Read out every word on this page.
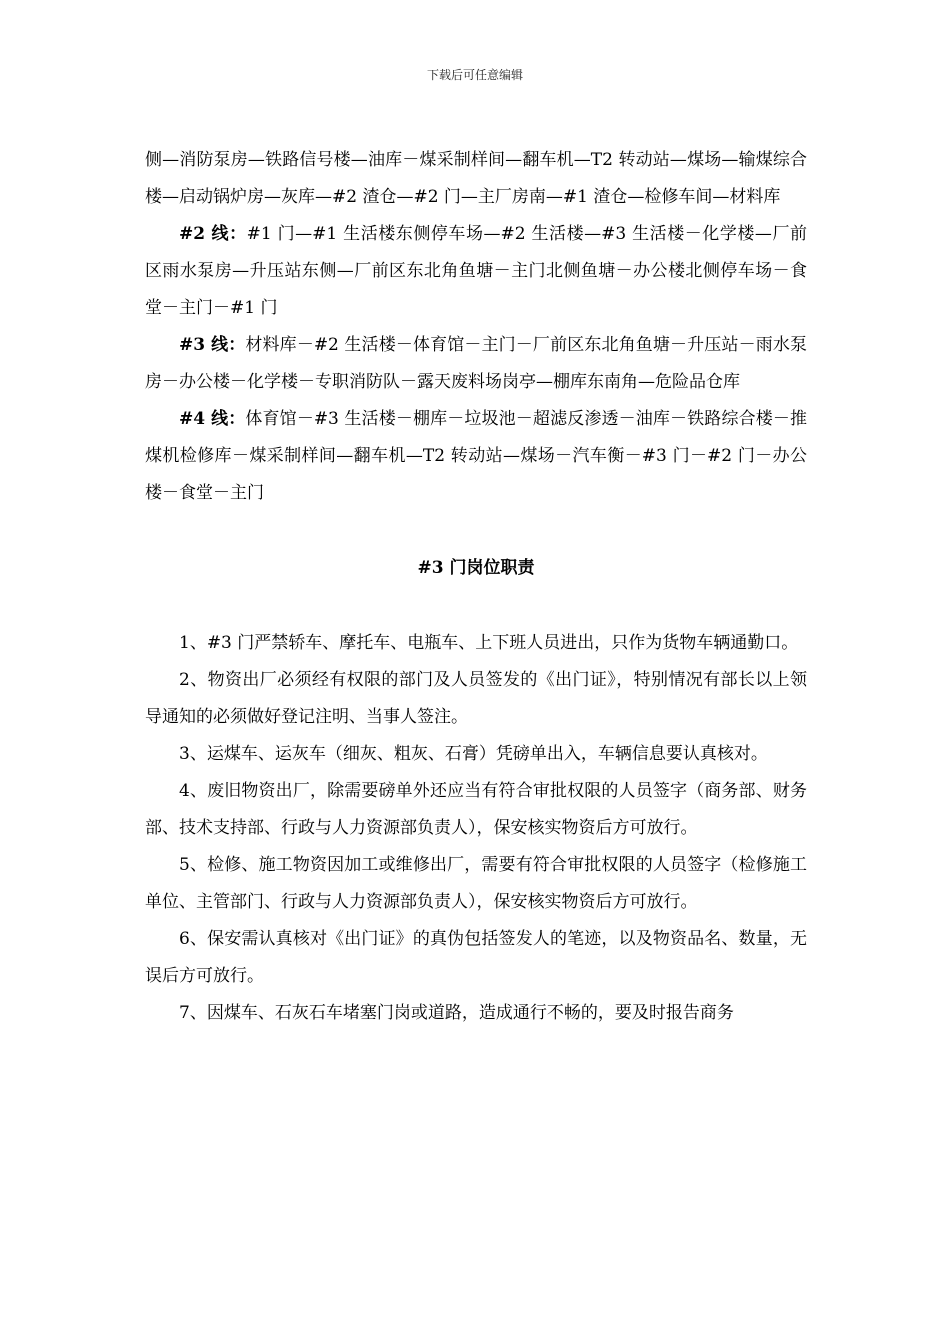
下载后可任意编辑

侧—消防泵房—铁路信号楼—油库－煤采制样间—翻车机—T2 转动站—煤场—输煤综合楼—启动锅炉房—灰库—#2 渣仓—#2 门—主厂房南—#1 渣仓—检修车间—材料库

#2 线：#1 门—#1 生活楼东侧停车场—#2 生活楼—#3 生活楼－化学楼—厂前区雨水泵房—升压站东侧—厂前区东北角鱼塘－主门北侧鱼塘－办公楼北侧停车场－食堂－主门－#1 门

#3 线：材料库－#2 生活楼－体育馆－主门－厂前区东北角鱼塘－升压站－雨水泵房－办公楼－化学楼－专职消防队－露天废料场岗亭—棚库东南角—危险品仓库

#4 线：体育馆－#3 生活楼－棚库－垃圾池－超滤反渗透－油库－铁路综合楼－推煤机检修库－煤采制样间—翻车机—T2 转动站—煤场－汽车衡－#3 门－#2 门－办公楼－食堂－主门

#3 门岗位职责

1、#3 门严禁轿车、摩托车、电瓶车、上下班人员进出，只作为货物车辆通勤口。

2、物资出厂必须经有权限的部门及人员签发的《出门证》，特别情况有部长以上领导通知的必须做好登记注明、当事人签注。

3、运煤车、运灰车（细灰、粗灰、石膏）凭磅单出入，车辆信息要认真核对。

4、废旧物资出厂，除需要磅单外还应当有符合审批权限的人员签字（商务部、财务部、技术支持部、行政与人力资源部负责人），保安核实物资后方可放行。

5、检修、施工物资因加工或维修出厂，需要有符合审批权限的人员签字（检修施工单位、主管部门、行政与人力资源部负责人），保安核实物资后方可放行。

6、保安需认真核对《出门证》的真伪包括签发人的笔迹，以及物资品名、数量，无误后方可放行。

7、因煤车、石灰石车堵塞门岗或道路，造成通行不畅的，要及时报告商务
